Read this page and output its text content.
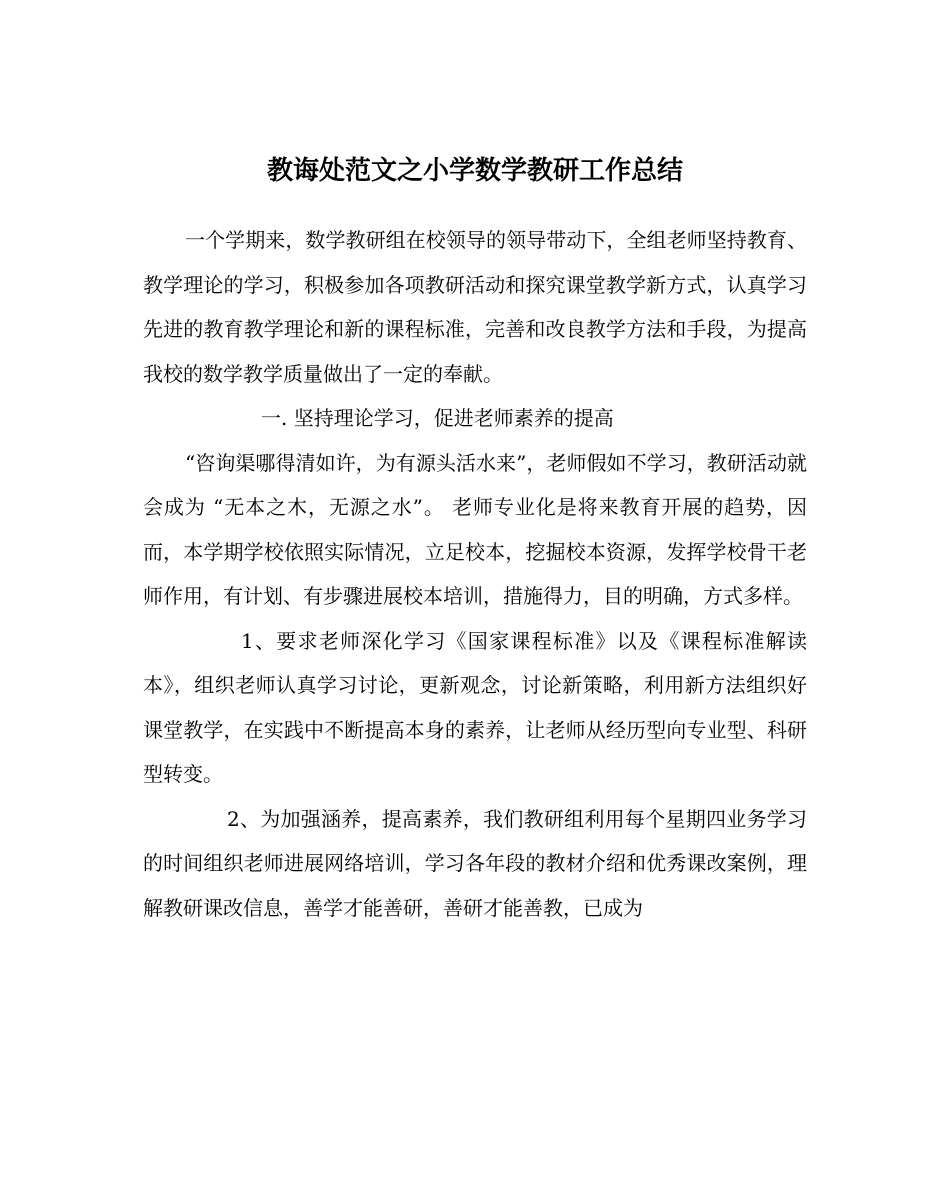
教诲处范文之小学数学教研工作总结

一个学期来，数学教研组在校领导的领导带动下，全组老师坚持教育、教学理论的学习，积极参加各项教研活动和探究课堂教学新方式，认真学习先进的教育教学理论和新的课程标准，完善和改良教学方法和手段，为提高我校的数学教学质量做出了一定的奉献。

一. 坚持理论学习，促进老师素养的提高

“咨询渠哪得清如许，为有源头活水来”，老师假如不学习，教研活动就会成为 “无本之木，无源之水”。 老师专业化是将来教育开展的趋势，因而，本学期学校依照实际情况，立足校本，挖掘校本资源，发挥学校骨干老师作用，有计划、有步骤进展校本培训，措施得力，目的明确，方式多样。

1、要求老师深化学习《国家课程标准》以及《课程标准解读本》，组织老师认真学习讨论，更新观念，讨论新策略，利用新方法组织好课堂教学，在实践中不断提高本身的素养，让老师从经历型向专业型、科研型转变。

2、为加强涵养，提高素养，我们教研组利用每个星期四业务学习的时间组织老师进展网络培训，学习各年段的教材介绍和优秀课改案例，理解教研课改信息，善学才能善研，善研才能善教，已成为
